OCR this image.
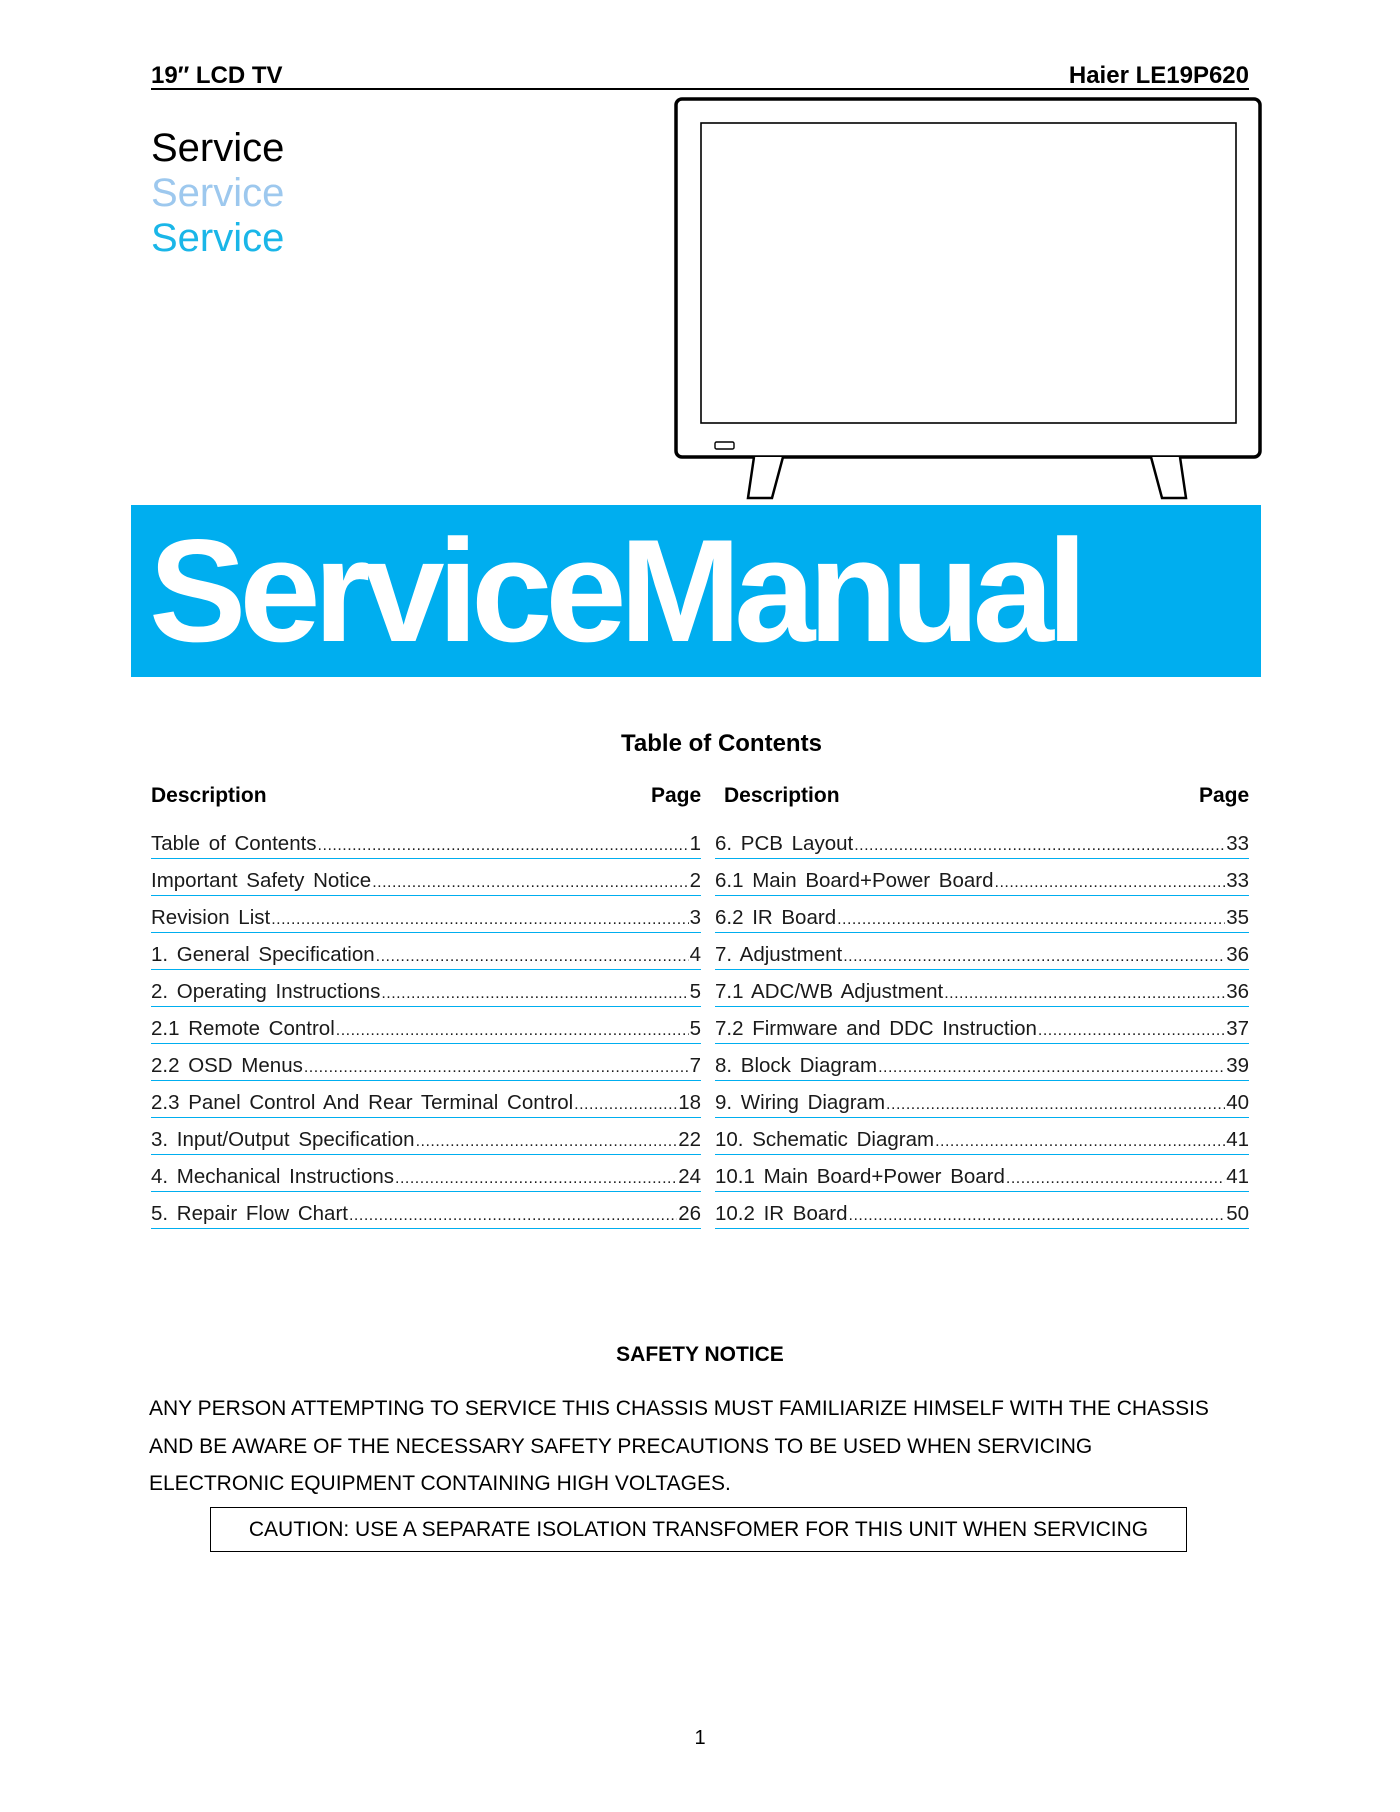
19″ LCD TV	Haier LE19P620
Service
Service
Service
ServiceManual
Table of Contents
Description	Page Description	Page
Table of Contents .....	1
Important Safety Notice .....	2
Revision List .....	3
1. General Specification .....	4
2. Operating Instructions .....	5
2.1 Remote Control .....	5
2.2 OSD Menus .....	7
2.3 Panel Control And Rear Terminal Control .....	18
3. Input/Output Specification .....	22
4. Mechanical Instructions .....	24
5. Repair Flow Chart .....	26
6. PCB Layout .....	33
6.1 Main Board+Power Board .....	33
6.2 IR Board .....	35
7. Adjustment .....	36
7.1 ADC/WB Adjustment .....	36
7.2 Firmware and DDC Instruction .....	37
8. Block Diagram .....	39
9. Wiring Diagram .....	40
10. Schematic Diagram .....	41
10.1 Main Board+Power Board .....	41
10.2 IR Board .....	50
SAFETY NOTICE
ANY PERSON ATTEMPTING TO SERVICE THIS CHASSIS MUST FAMILIARIZE HIMSELF WITH THE CHASSIS
AND BE AWARE OF THE NECESSARY SAFETY PRECAUTIONS TO BE USED WHEN SERVICING
ELECTRONIC EQUIPMENT CONTAINING HIGH VOLTAGES.
CAUTION: USE A SEPARATE ISOLATION TRANSFOMER FOR THIS UNIT WHEN SERVICING
1
